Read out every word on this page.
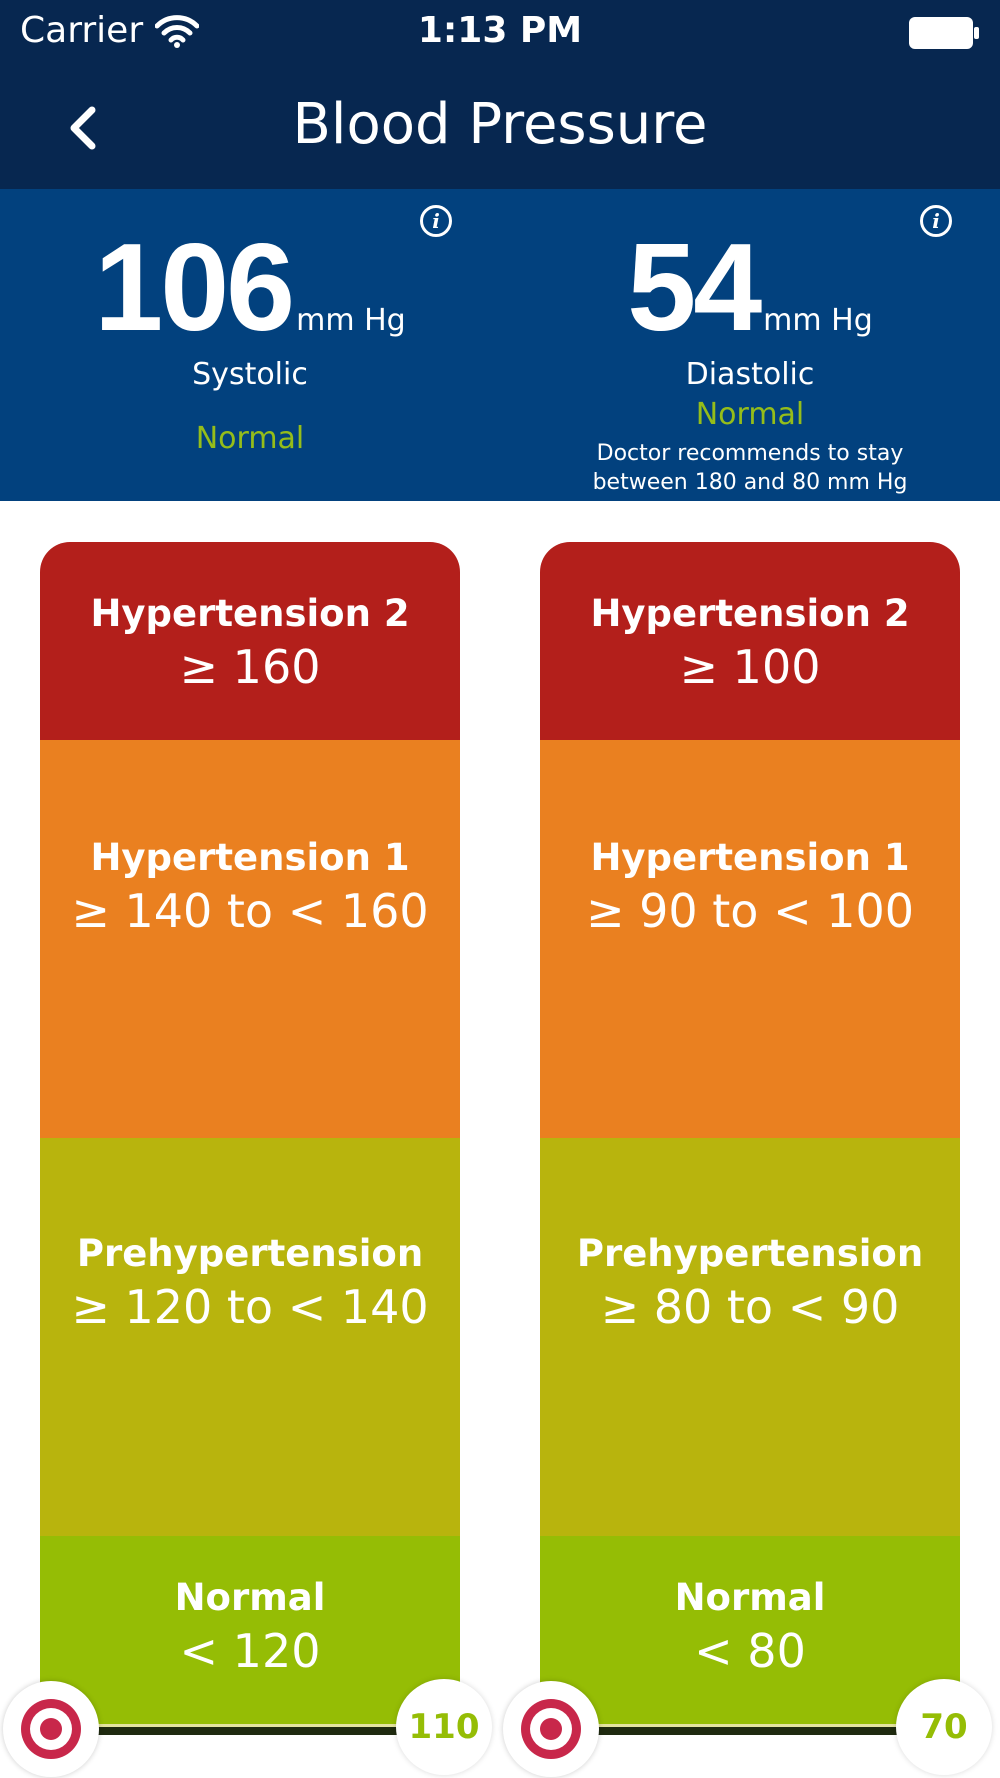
Carrier	1:13 PM
Blood Pressure
i
106 mm Hg
Systolic
Normal
i
54 mm Hg
Diastolic
Normal
Doctor recommends to stay
between 180 and 80 mm Hg
Hypertension 2
≥ 160
Hypertension 1
≥ 140 to < 160
Prehypertension
≥ 120 to < 140
Normal
< 120
Hypertension 2
≥ 100
Hypertension 1
≥ 90 to < 100
Prehypertension
≥ 80 to < 90
Normal
< 80
110	70
